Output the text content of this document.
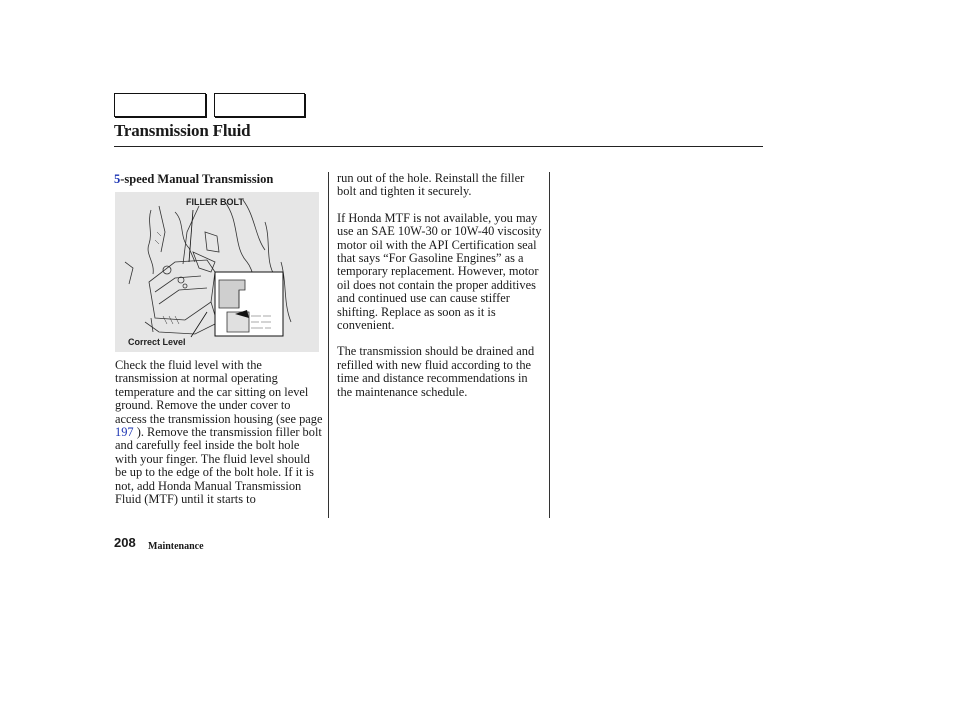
Transmission Fluid
5-speed Manual Transmission
FILLER BOLT
Correct Level

Check the fluid level with the transmission at normal operating temperature and the car sitting on level ground. Remove the under cover to access the transmission housing (see page 197 ). Remove the transmission filler bolt and carefully feel inside the bolt hole with your finger. The fluid level should be up to the edge of the bolt hole. If it is not, add Honda Manual Transmission Fluid (MTF) until it starts to

run out of the hole. Reinstall the filler bolt and tighten it securely.

If Honda MTF is not available, you may use an SAE 10W-30 or 10W-40 viscosity motor oil with the API Certification seal that says “For Gasoline Engines” as a temporary replacement. However, motor oil does not contain the proper additives and continued use can cause stiffer shifting. Replace as soon as it is convenient.

The transmission should be drained and refilled with new fluid according to the time and distance recommendations in the maintenance schedule.

208 Maintenance
